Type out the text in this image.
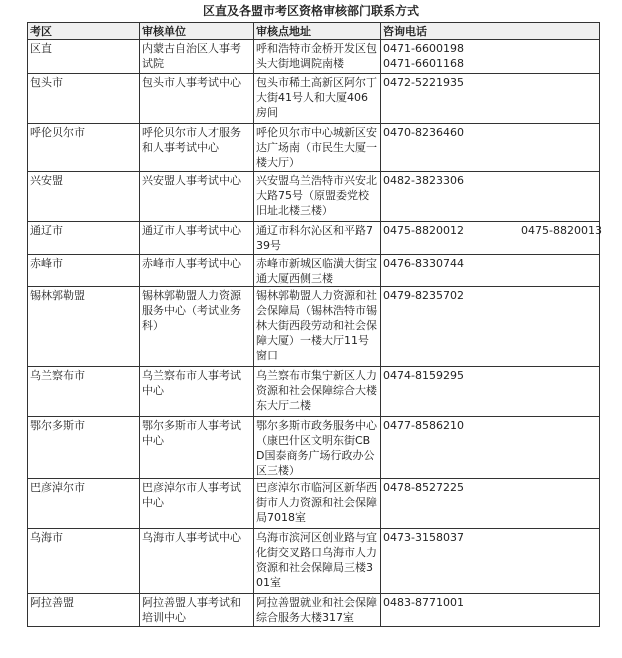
区直及各盟市考区资格审核部门联系方式
考区	审核单位	审核点地址	咨询电话
区直	内蒙古自治区人事考试院	呼和浩特市金桥开发区包头大街地调院南楼	0471-6600198
0471-6601168

包头市	包头市人事考试中心	包头市稀土高新区阿尔丁大街41号人和大厦406房间	0472-5221935

呼伦贝尔市	呼伦贝尔市人才服务和人事考试中心	呼伦贝尔市中心城新区安达广场南（市民生大厦一楼大厅）	0470-8236460

兴安盟	兴安盟人事考试中心	兴安盟乌兰浩特市兴安北大路75号（原盟委党校旧址北楼三楼）	0482-3823306

通辽市	通辽市人事考试中心	通辽市科尔沁区和平路739号	0475-8820012 0475-8820013

赤峰市	赤峰市人事考试中心	赤峰市新城区临潢大街宝通大厦西侧三楼	0476-8330744

锡林郭勒盟	锡林郭勒盟人力资源服务中心（考试业务科）	锡林郭勒盟人力资源和社会保障局（锡林浩特市锡林大街西段劳动和社会保障大厦）一楼大厅11号窗口	0479-8235702

乌兰察布市	乌兰察布市人事考试中心	乌兰察布市集宁新区人力资源和社会保障综合大楼东大厅二楼	0474-8159295

鄂尔多斯市	鄂尔多斯市人事考试中心	鄂尔多斯市政务服务中心（康巴什区文明东街CBD国泰商务广场行政办公区三楼）	0477-8586210

巴彦淖尔市	巴彦淖尔市人事考试中心	巴彦淖尔市临河区新华西街市人力资源和社会保障局7018室	0478-8527225

乌海市	乌海市人事考试中心	乌海市滨河区创业路与宜化街交叉路口乌海市人力资源和社会保障局三楼301室	0473-3158037

阿拉善盟	阿拉善盟人事考试和培训中心	阿拉善盟就业和社会保障综合服务大楼317室	0483-8771001
